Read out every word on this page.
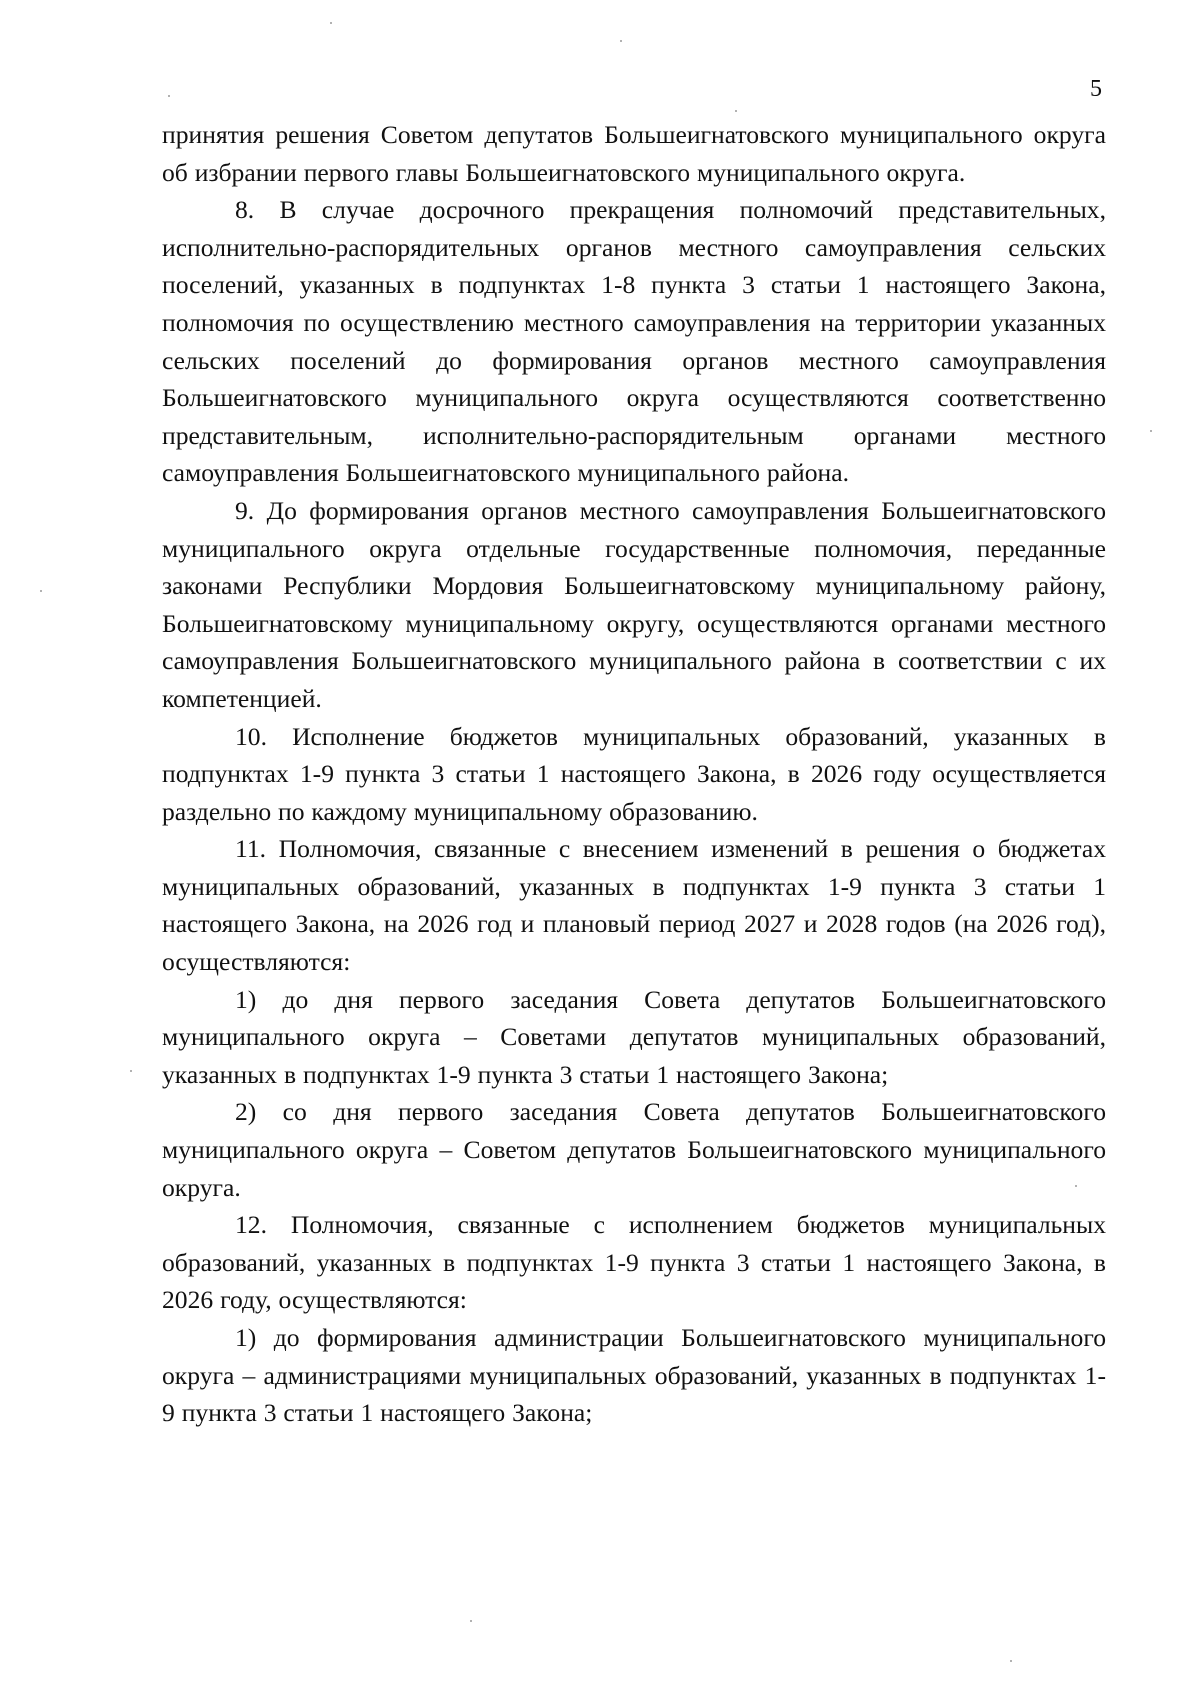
5

принятия решения Советом депутатов Большеигнатовского муниципального округа об избрании первого главы Большеигнатовского муниципального округа.

8. В случае досрочного прекращения полномочий представительных, исполнительно-распорядительных органов местного самоуправления сельских поселений, указанных в подпунктах 1-8 пункта 3 статьи 1 настоящего Закона, полномочия по осуществлению местного самоуправления на территории указанных сельских поселений до формирования органов местного самоуправления Большеигнатовского муниципального округа осуществляются соответственно представительным, исполнительно-распорядительным органами местного самоуправления Большеигнатовского муниципального района.

9. До формирования органов местного самоуправления Большеигнатовского муниципального округа отдельные государственные полномочия, переданные законами Республики Мордовия Большеигнатовскому муниципальному району, Большеигнатовскому муниципальному округу, осуществляются органами местного самоуправления Большеигнатовского муниципального района в соответствии с их компетенцией.

10. Исполнение бюджетов муниципальных образований, указанных в подпунктах 1-9 пункта 3 статьи 1 настоящего Закона, в 2026 году осуществляется раздельно по каждому муниципальному образованию.

11. Полномочия, связанные с внесением изменений в решения о бюджетах муниципальных образований, указанных в подпунктах 1-9 пункта 3 статьи 1 настоящего Закона, на 2026 год и плановый период 2027 и 2028 годов (на 2026 год), осуществляются:

1) до дня первого заседания Совета депутатов Большеигнатовского муниципального округа – Советами депутатов муниципальных образований, указанных в подпунктах 1-9 пункта 3 статьи 1 настоящего Закона;

2) со дня первого заседания Совета депутатов Большеигнатовского муниципального округа – Советом депутатов Большеигнатовского муниципального округа.

12. Полномочия, связанные с исполнением бюджетов муниципальных образований, указанных в подпунктах 1-9 пункта 3 статьи 1 настоящего Закона, в 2026 году, осуществляются:

1) до формирования администрации Большеигнатовского муниципального округа – администрациями муниципальных образований, указанных в подпунктах 1-9 пункта 3 статьи 1 настоящего Закона;
